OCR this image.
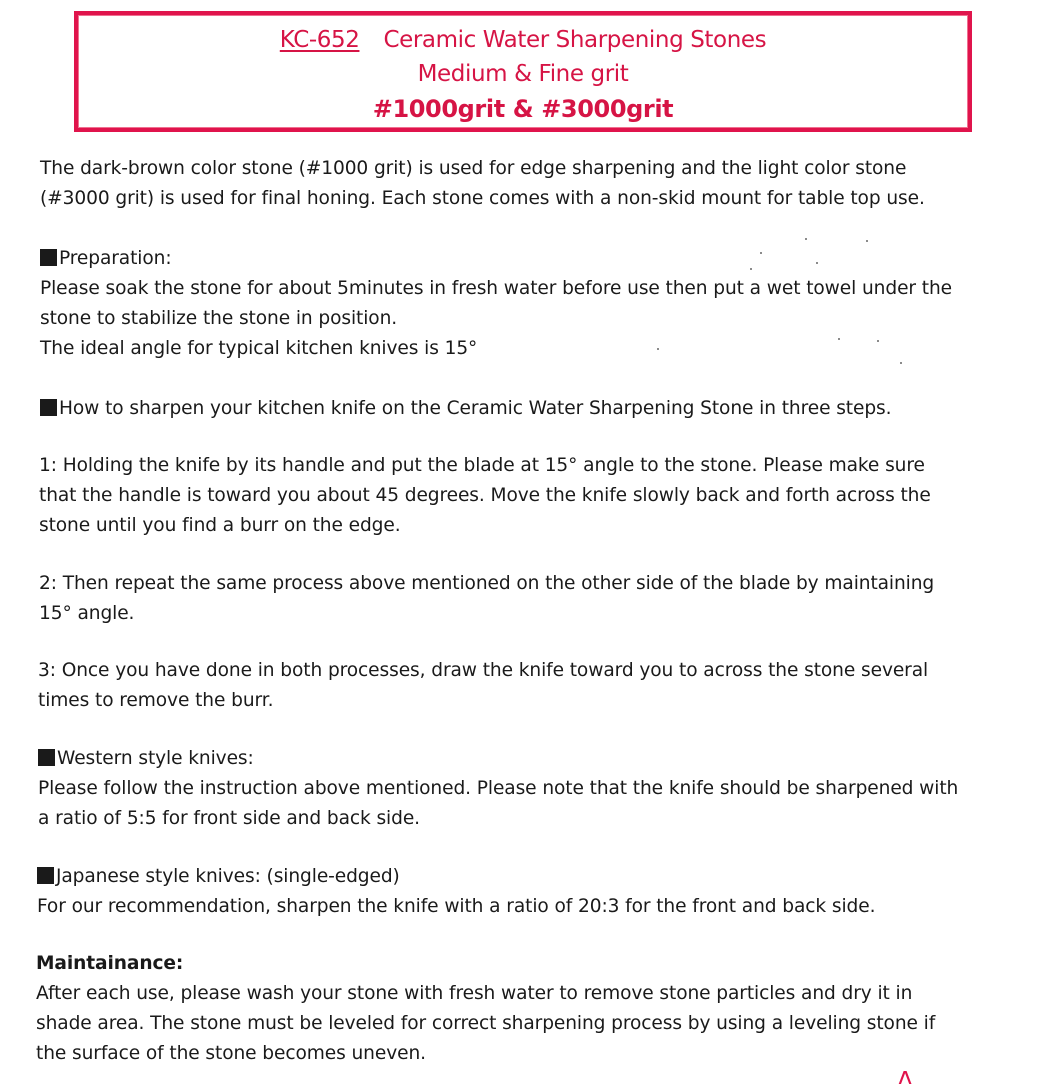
KC-652 Ceramic Water Sharpening Stones
Medium & Fine grit
#1000grit & #3000grit
The dark-brown color stone (#1000 grit) is used for edge sharpening and the light color stone
(#3000 grit) is used for final honing. Each stone comes with a non-skid mount for table top use.
Preparation:
Please soak the stone for about 5minutes in fresh water before use then put a wet towel under the
stone to stabilize the stone in position.
The ideal angle for typical kitchen knives is 15°
How to sharpen your kitchen knife on the Ceramic Water Sharpening Stone in three steps.
1: Holding the knife by its handle and put the blade at 15° angle to the stone. Please make sure
that the handle is toward you about 45 degrees. Move the knife slowly back and forth across the
stone until you find a burr on the edge.
2: Then repeat the same process above mentioned on the other side of the blade by maintaining
15° angle.
3: Once you have done in both processes, draw the knife toward you to across the stone several
times to remove the burr.
Western style knives:
Please follow the instruction above mentioned. Please note that the knife should be sharpened with
a ratio of 5:5 for front side and back side.
Japanese style knives: (single-edged)
For our recommendation, sharpen the knife with a ratio of 20:3 for the front and back side.
Maintainance:
After each use, please wash your stone with fresh water to remove stone particles and dry it in
shade area. The stone must be leveled for correct sharpening process by using a leveling stone if
the surface of the stone becomes uneven.
ʌ
